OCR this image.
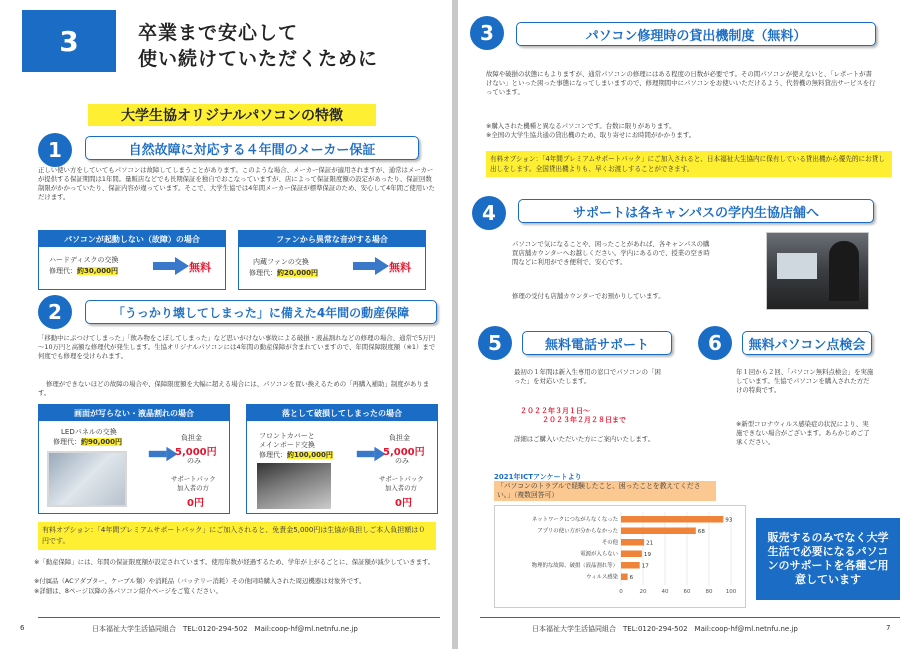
3	卒業まで安心して
使い続けていただくために
大学生協オリジナルパソコンの特徴
1	自然故障に対応する４年間のメーカー保証
正しい使い方をしていてもパソコンは故障してしまうことがあります。このような場合、メーカー保証が適用されますが、通常はメーカーが提供する保証期間は1年間。量販店などでも長期保証を独自でおこなっていますが、店によって保証限度額の設定があったり、保証回数制限がかかっていたり、保証内容が違っています。そこで、大学生協では4年間メーカー保証が標準保証のため、安心して4年間ご使用いただけます。
パソコンが起動しない（故障）の場合
ハードディスクの交換
修理代：約30,000円	無料
ファンから異常な音がする場合
内蔵ファンの交換
修理代：約20,000円	無料
2	「うっかり壊してしまった」に備えた4年間の動産保障
「移動中にぶつけてしまった」「飲み物をこぼしてしまった」など思いがけない事故による破損・液晶割れなどの修理の場合、通常で5万円～10万円と高額な修理代が発生します。生協オリジナルパソコンには4年間の動産保障が含まれていますので、年間保障限度額（※1）まで何度でも修理を受けられます。
修理ができないほどの故障の場合や、保障限度額を大幅に超える場合には、パソコンを買い換えるための「再購入補助」制度があります。
画面が写らない・液晶割れの場合
LEDパネルの交換
修理代：約90,000円	負担金
5,000円
のみ
サポートパック
加入者の方
0円
落として破損してしまったの場合
フロントカバーと
メインボード交換
修理代：約100,000円
負担金
5,000円
のみ
サポートパック
加入者の方
0円
有料オプション：「4年間プレミアムサポートパック」にご加入されると、免責金5,000円は生協が負担しご本人負担額は０円です。
※「動産保障」には、年間の保証限度額が設定されています。使用年数が経過するため、学年が上がるごとに、保証額が減少していきます。
※付属品（ACアダプター、ケーブル類）や消耗品（バッテリー消耗）その他同時購入された周辺機器は対象外です。
※詳細は、8ページ以降の各パソコン紹介ページをご覧ください。
6	日本福祉大学生活協同組合　TEL:0120-294-502　Mail:coop-hf@ml.netnfu.ne.jp
3	パソコン修理時の貸出機制度（無料）
故障や破損の状態にもよりますが、通常パソコンの修理にはある程度の日数が必要です。その間パソコンが使えないと、「レポートが書けない」といった困った事態になってしまいますので、修理期間中にパソコンをお使いいただけるよう、代替機の無料貸出サービスを行っています。
※購入された機種と異なるパソコンです。台数に限りがあります。
※全国の大学生協共通の貸出機のため、取り寄せにお時間がかかります。
有料オプション：「4年間プレミアムサポートパック」にご加入されると、日本福祉大生協内に保有している貸出機から優先的にお貸し出しをします。全国貸出機よりも、早くお渡しすることができます。
4	サポートは各キャンパスの学内生協店舗へ
パソコンで気になることや、困ったことがあれば、各キャンパスの購買店舗カウンターへお越しください。学内にあるので、授業の空き時間などに利用ができ便利で、安心です。
修理の受付も店舗カウンターでお預かりしています。
5	無料電話サポート
最初の１年間は新入生専用の窓口でパソコンの「困った」を対応いたします。
２０２２年３月１日～
２０２３年２月２８日まで
詳細はご購入いただいた方にご案内いたします。
6	無料パソコン点検会
年１回から２回、「パソコン無料点検会」を実施しています。生協でパソコンを購入された方だけの特典です。
※新型コロナウィルス感染症の状況により、実施できない場合がございます。あらかじめご了承ください。
2021年ICTアンケートより
「パソコンのトラブルで経験したこと、困ったことを教えてください。」（複数回答可）
0	20	40	60	80 100
ネットワークにつながらなくなった	93
アプリの使い方が分からなかった	68
その他	21
電源が入らない	19
物理的な故障、破損（液晶割れ等）	17
ウィルス感染 6
販売するのみでなく大学生活で必要になるパソコンのサポートを各種ご用意しています
日本福祉大学生活協同組合　TEL:0120-294-502　Mail:coop-hf@ml.netnfu.ne.jp	7
